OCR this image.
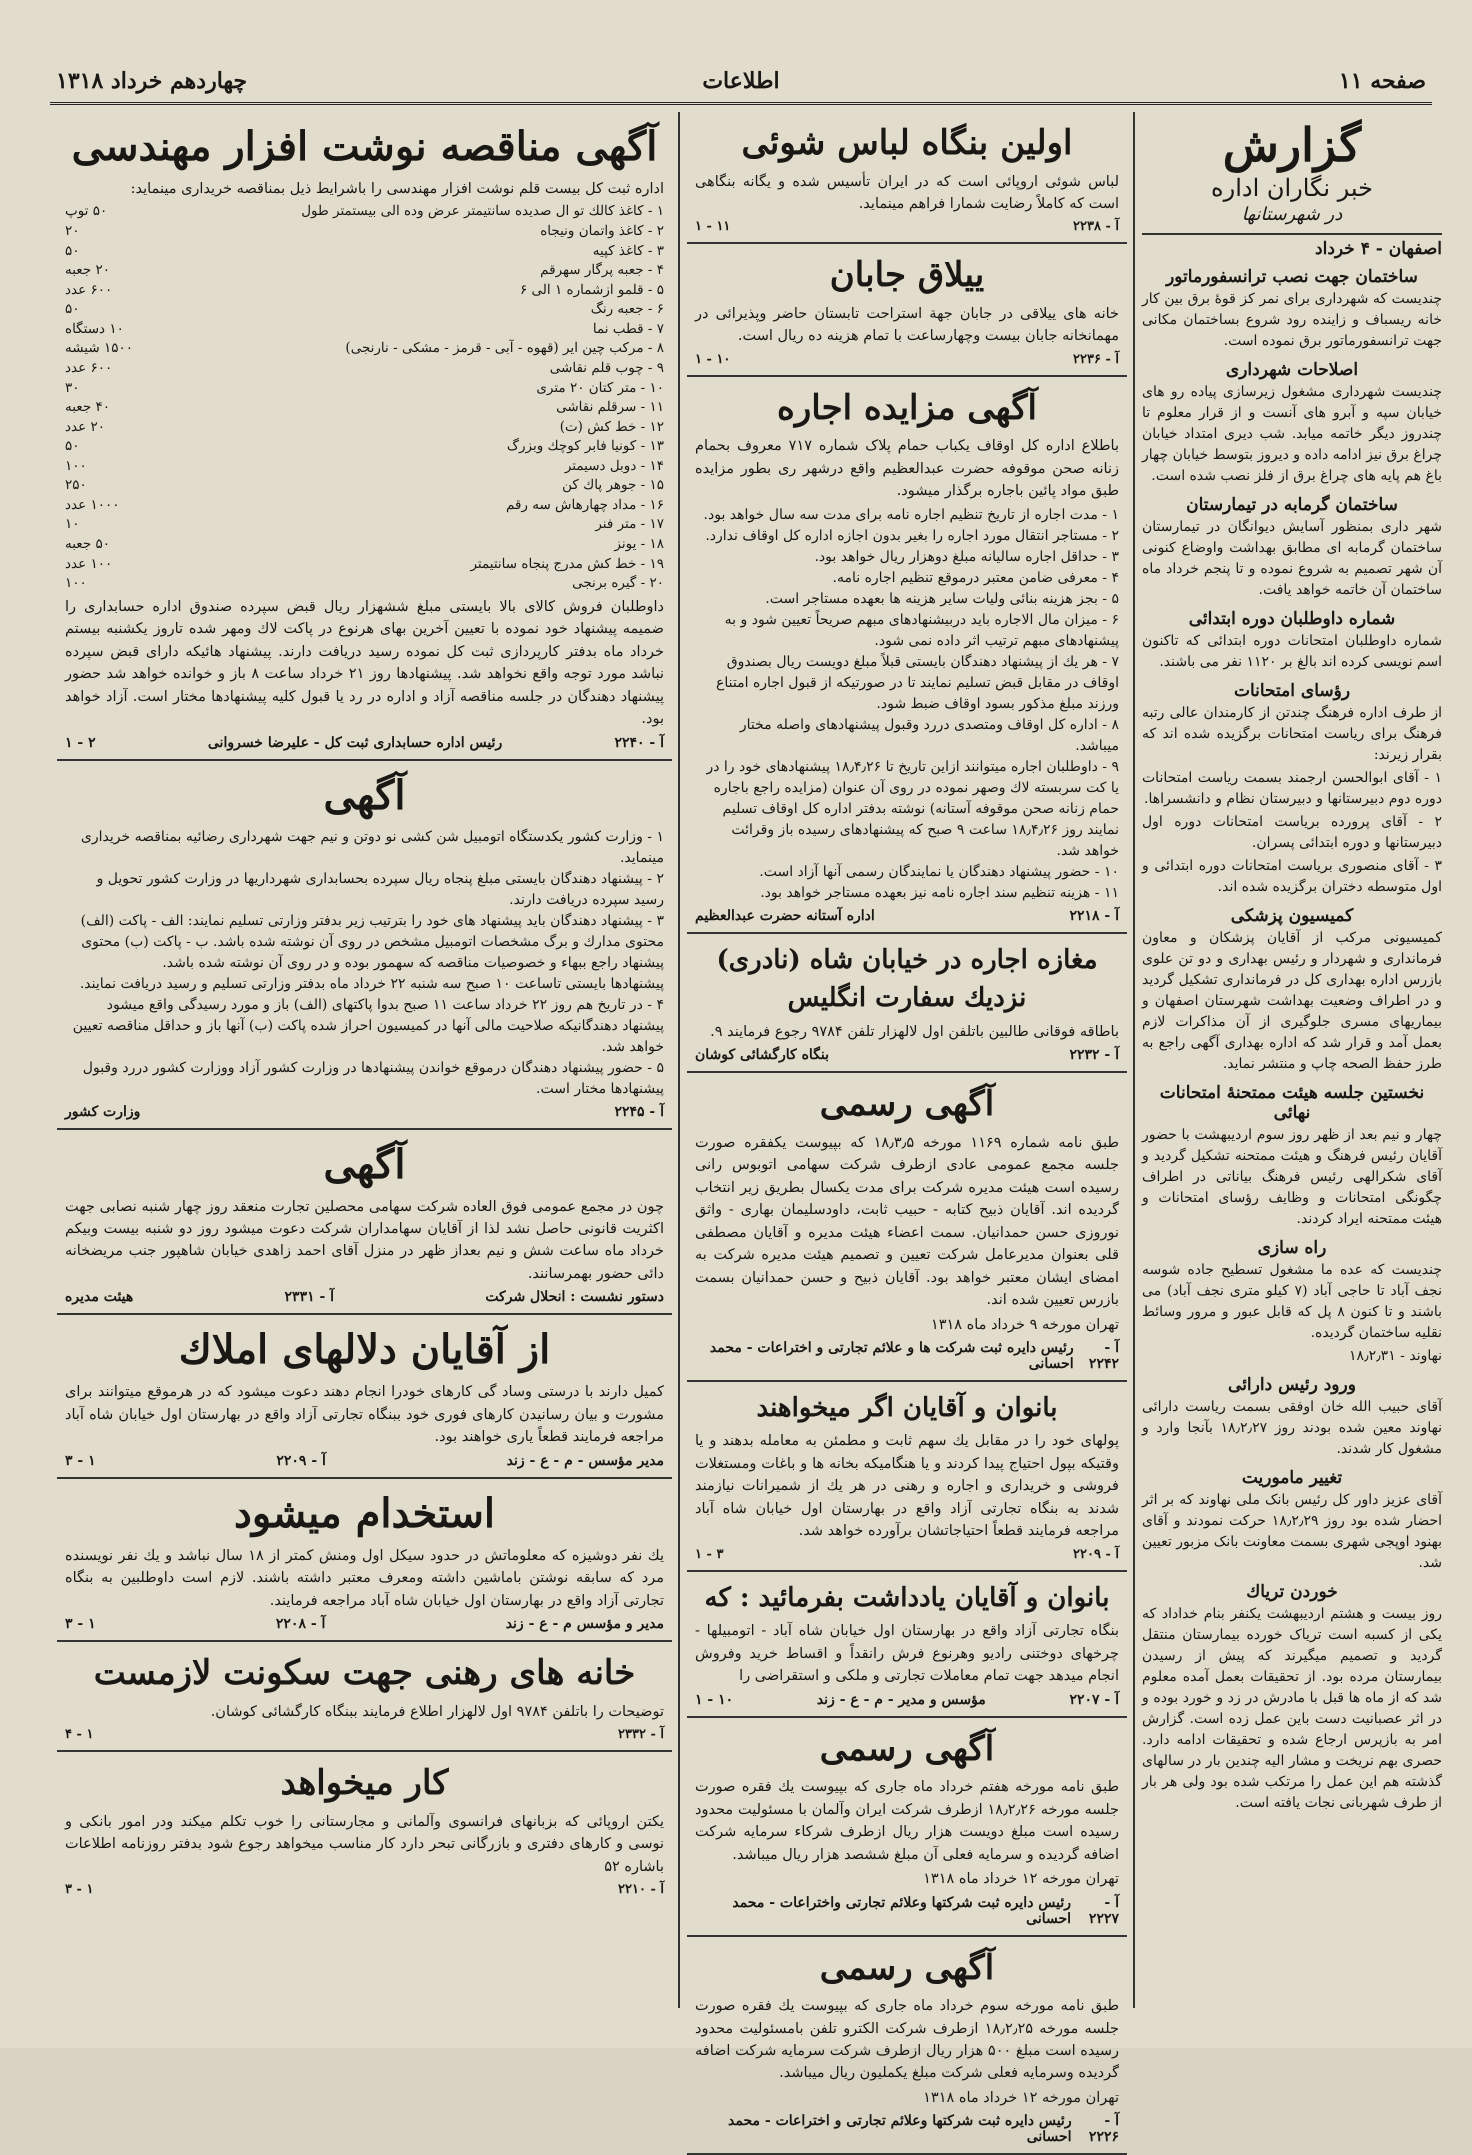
صفحه ۱۱
اطلاعات
چهاردهم خرداد ۱۳۱۸
گزارش
خبر نگاران اداره
در شهرستانها
اصفهان - ۴ خرداد
ساختمان جهت نصب ترانسفورماتور

چندیست که شهرداری برای نمر کز قوهٔ برق بین کار خانه ریسباف و زاینده رود شروع بساختمان مکانی جهت ترانسفورماتور برق نموده است.

اصلاحات شهرداری

چندیست شهرداری مشغول زیرسازی پیاده رو های خیابان سپه و آبرو های آنست و از قرار معلوم تا چندروز دیگر خاتمه میابد. شب دیری امتداد خیابان چراغ برق نیز ادامه داده و دیروز بتوسط خیابان چهار باغ هم پایه های چراغ برق از فلز نصب شده است.

ساختمان گرمابه در تیمارستان

شهر داری بمنظور آسایش دیوانگان در تیمارستان ساختمان گرمابه ای مطابق بهداشت واوضاع کنونی آن شهر تصمیم به شروع نموده و تا پنجم خرداد ماه ساختمان آن خاتمه خواهد یافت.

شماره داوطلبان دوره ابتدائی

شماره داوطلبان امتحانات دوره ابتدائی که تاکنون اسم نویسی کرده اند بالغ بر ۱۱۲۰ نفر می باشند.

رؤسای امتحانات

از طرف اداره فرهنگ چندتن از کارمندان عالی رتبه فرهنگ برای ریاست امتحانات برگزیده شده اند که بقرار زیرند:

۱ - آقای ابوالحسن ارجمند بسمت ریاست امتحانات دوره دوم دبیرستانها و دبیرستان نظام و دانشسراها.

۲ - آقای پرورده بریاست امتحانات دوره اول دبیرستانها و دوره ابتدائی پسران.

۳ - آقای منصوری بریاست امتحانات دوره ابتدائی و اول متوسطه دختران برگزیده شده اند.

کمیسیون پزشکی

کمیسیونی مرکب از آقایان پزشکان و معاون فرمانداری و شهردار و رئیس بهداری و دو تن علوی بازرس اداره بهداری کل در فرمانداری تشکیل گردید و در اطراف وضعیت بهداشت شهرستان اصفهان و بیماریهای مسری جلوگیری از آن مذاکرات لازم بعمل آمد و قرار شد که اداره بهداری آگهی راجع به طرز حفظ الصحه چاپ و منتشر نماید.

نخستین جلسه هیئت ممتحنهٔ امتحانات نهائی

چهار و نیم بعد از ظهر روز سوم اردیبهشت با حضور آقایان رئیس فرهنگ و هیئت ممتحنه تشکیل گردید و آقای شکرالهی رئیس فرهنگ بیاناتی در اطراف چگونگی امتحانات و وظایف رؤسای امتحانات و هیئت ممتحنه ایراد کردند.

راه سازی

چندیست که عده ما مشغول تسطیح جاده شوسه نجف آباد تا حاجی آباد (۷ کیلو متری نجف آباد) می باشند و تا کنون ۸ پل که قابل عبور و مرور وسائط نقلیه ساختمان گردیده.

نهاوند - ۱۸٫۲٫۳۱

ورود رئیس دارائی

آقای حبیب الله خان اوفقی بسمت ریاست دارائی نهاوند معین شده بودند روز ۱۸٫۲٫۲۷ بآنجا وارد و مشغول کار شدند.

تغییر ماموریت

آقای عزیز داور کل رئیس بانک ملی نهاوند که بر اثر احضار شده بود روز ۱۸٫۲٫۲۹ حرکت نمودند و آقای بهنود اوپجی شهری بسمت معاونت بانک مزبور تعیین شد.

خوردن تریاك

روز بیست و هشتم اردیبهشت یکنفر بنام خداداد که یکی از کسبه است تریاک خورده بیمارستان منتقل گردید و تصمیم میگیرند که پیش از رسیدن بیمارستان مرده بود. از تحقیقات بعمل آمده معلوم شد که از ماه ها قبل با مادرش در زد و خورد بوده و در اثر عصبانیت دست باین عمل زده است. گزارش امر به بازپرس ارجاع شده و تحقیقات ادامه دارد. حصری بهم نریخت و مشار الیه چندین بار در سالهای گذشته هم این عمل را مرتکب شده بود ولی هر بار از طرف شهربانی نجات یافته است.

اولین بنگاه لباس شوئی

لباس شوئی اروپائی است که در ایران تأسیس شده و یگانه بنگاهی است که کاملاً رضایت شمارا فراهم مینماید.

آ - ۲۲۳۸
۱۱ - ۱
ییلاق جابان

خانه های ییلاقی در جابان جهة استراحت تابستان حاضر وپذیرائی در مهمانخانه جابان بیست وچهارساعت با تمام هزینه ده ریال است.

آ - ۲۲۳۶
۱۰ - ۱
آگهی مزایده اجاره

باطلاع اداره کل اوقاف یکباب حمام پلاک شماره ۷۱۷ معروف بحمام زنانه صحن موقوفه حضرت عبدالعظیم واقع درشهر ری بطور مزایده طبق مواد پائین باجاره برگذار میشود.

۱ - مدت اجاره از تاریخ تنظیم اجاره نامه برای مدت سه سال خواهد بود.
۲ - مستاجر انتقال مورد اجاره را بغیر بدون اجازه اداره کل اوقاف ندارد.
۳ - حداقل اجاره سالیانه مبلغ دوهزار ریال خواهد بود.
۴ - معرفی ضامن معتبر درموقع تنظیم اجاره نامه.
۵ - بجز هزینه بنائی ولیات سایر هزینه ها بعهده مستاجر است.
۶ - میزان مال الاجاره باید دربیشنهادهای مبهم صریحاً تعیین شود و به پیشنهادهای مبهم ترتیب اثر داده نمی شود.
۷ - هر یك از پیشنهاد دهندگان بایستی قبلاً مبلغ دویست ریال بصندوق اوقاف در مقابل قبض تسلیم نمایند تا در صورتیکه از قبول اجاره امتناع ورزند مبلغ مذکور بسود اوقاف ضبط شود.
۸ - اداره کل اوقاف ومتصدی دررد وقبول پیشنهادهای واصله مختار میباشد.
۹ - داوطلبان اجاره میتوانند ازاین تاریخ تا ۱۸٫۴٫۲۶ پیشنهادهای خود را در یا کت سربسته لاك وصهر نموده در روی آن عنوان (مزایده راجع باجاره حمام زنانه صحن موقوفه آستانه) نوشته بدفتر اداره کل اوقاف تسلیم نمایند روز ۱۸٫۴٫۲۶ ساعت ۹ صبح که پیشنهادهای رسیده باز وقرائت خواهد شد.
۱۰ - حضور پیشنهاد دهندگان یا نمایندگان رسمی آنها آزاد است.
۱۱ - هزینه تنظیم سند اجاره نامه نیز بعهده مستاجر خواهد بود.
آ - ۲۲۱۸
اداره آستانه حضرت عبدالعظیم
مغازه اجاره در خیابان شاه (نادری)
نزدیك سفارت انگلیس

باطاقه فوقانی طالبین باتلفن اول لالهزار تلفن ۹۷۸۴ رجوع فرمایند ۹.

آ - ۲۲۳۲
بنگاه کارگشائی کوشان
آگهی رسمی

طبق نامه شماره ۱۱۶۹ مورخه ۱۸٫۳٫۵ که بپیوست یکفقره صورت جلسه مجمع عمومی عادی ازطرف شرکت سهامی اتوبوس رانی رسیده است هیئت مدیره شرکت برای مدت یکسال بطریق زیر انتخاب گردیده اند. آقایان ذبیح کتابه - حبیب ثابت، داودسلیمان بهاری - واثق نوروزی حسن حمدانیان. سمت اعضاء هیئت مدیره و آقایان مصطفی قلی بعنوان مدیرعامل شرکت تعیین و تصمیم هیئت مدیره شرکت به امضای ایشان معتبر خواهد بود. آقایان ذبیح و حسن حمدانیان بسمت بازرس تعیین شده اند.

تهران مورخه ۹ خرداد ماه ۱۳۱۸

آ - ۲۲۴۲
رئیس دایره ثبت شرکت ها و علائم تجارتی و اختراعات - محمد احسانی
بانوان و آقایان اگر میخواهند

پولهای خود را در مقابل یك سهم ثابت و مطمئن به معامله بدهند و یا وقتیکه بپول احتیاج پیدا کردند و یا هنگامیکه بخانه ها و باغات ومستغلات فروشی و خریداری و اجاره و رهنی در هر یك از شمیرانات نیازمند شدند به بنگاه تجارتی آزاد واقع در بهارستان اول خیابان شاه آباد مراجعه فرمایند قطعاً احتیاجاتشان برآورده خواهد شد.

آ - ۲۲۰۹
۳ - ۱
بانوان و آقایان یادداشت بفرمائید : که

بنگاه تجارتی آزاد واقع در بهارستان اول خیابان شاه آباد - اتومبیلها - چرخهای دوختنی رادیو وهرنوع فرش رانقداً و اقساط خرید وفروش انجام میدهد جهت تمام معاملات تجارتی و ملکی و استقراضی را

آ - ۲۲۰۷
مؤسس و مدیر - م - ع - زند
۱۰ - ۱
آگهی رسمی

طبق نامه مورخه هفتم خرداد ماه جاری که بپیوست یك فقره صورت جلسه مورخه ۱۸٫۲٫۲۶ ازطرف شرکت ایران وآلمان با مسئولیت محدود رسیده است مبلغ دویست هزار ریال ازطرف شرکاء سرمایه شرکت اضافه گردیده و سرمایه فعلی آن مبلغ ششصد هزار ریال میباشد.

تهران مورخه ۱۲ خرداد ماه ۱۳۱۸

آ - ۲۲۲۷
رئیس دایره ثبت شرکتها وعلائم تجارتی واختراعات - محمد احسانی
آگهی رسمی

طبق نامه مورخه سوم خرداد ماه جاری که بپیوست یك فقره صورت جلسه مورخه ۱۸٫۲٫۲۵ ازطرف شرکت الکترو تلفن بامسئولیت محدود رسیده است مبلغ ۵۰۰ هزار ریال ازطرف شرکت سرمایه شرکت اضافه گردیده وسرمایه فعلی شرکت مبلغ یکملیون ریال میباشد.

تهران مورخه ۱۲ خرداد ماه ۱۳۱۸

آ - ۲۲۲۶
رئیس دایره ثبت شرکتها وعلائم تجارتی و اختراعات - محمد احسانی
آگهی مناقصه نوشت افزار مهندسی

اداره ثبت کل بیست قلم نوشت افزار مهندسی را باشرایط ذیل بمناقصه خریداری مینماید:

۱ - کاغذ کالك تو ال صدیده سانتیمتر عرض وده الی بیستمتر طول
۵۰ توپ
۲ - کاغذ واتمان ونیجاه
۲۰
۳ - کاغذ کپیه
۵۰
۴ - جعبه پرگار سهرقم
۲۰ جعبه
۵ - قلمو ازشماره ۱ الی ۶
۶۰۰ عدد
۶ - جعبه رنگ
۵۰
۷ - قطب نما
۱۰ دستگاه
۸ - مرکب چین ایر (قهوه - آبی - قرمز - مشکی - نارنجی)
۱۵۰۰ شیشه
۹ - چوب قلم نقاشی
۶۰۰ عدد
۱۰ - متر کتان ۲۰ متری
۳۰
۱۱ - سرقلم نقاشی
۴۰ جعبه
۱۲ - خط کش (ت)
۲۰ عدد
۱۳ - کونیا فابر کوچك وبزرگ
۵۰
۱۴ - دوبل دسیمتر
۱۰۰
۱۵ - جوهر پاك کن
۲۵۰
۱۶ - مداد چهارهاش سه رقم
۱۰۰۰ عدد
۱۷ - متر فنر
۱۰
۱۸ - یونز
۵۰ جعبه
۱۹ - خط کش مدرج پنجاه سانتیمتر
۱۰۰ عدد
۲۰ - گیره برنجی
۱۰۰

داوطلبان فروش کالای بالا بایستی مبلغ ششهزار ریال قبض سپرده صندوق اداره حسابداری را ضمیمه پیشنهاد خود نموده با تعیین آخرین بهای هرنوع در پاکت لاك ومهر شده تاروز یکشنبه بیستم خرداد ماه بدفتر کارپردازی ثبت کل نموده رسید دریافت دارند. پیشنهاد هائیکه دارای قبض سپرده نباشد مورد توجه واقع نخواهد شد. پیشنهادها روز ۲۱ خرداد ساعت ۸ باز و خوانده خواهد شد حضور پیشنهاد دهندگان در جلسه مناقصه آزاد و اداره در رد یا قبول کلیه پیشنهادها مختار است. آزاد خواهد بود.

آ - ۲۲۴۰
رئیس اداره حسابداری ثبت کل - علیرضا خسروانی
۲ - ۱
آگهی
۱ - وزارت کشور یکدستگاه اتومبیل شن کشی نو دوتن و نیم جهت شهرداری رضائیه بمناقصه خریداری مینماید.
۲ - پیشنهاد دهندگان بایستی مبلغ پنجاه ریال سپرده بحسابداری شهرداریها در وزارت کشور تحویل و رسید سپرده دریافت دارند.
۳ - پیشنهاد دهندگان باید پیشنهاد های خود را بترتیب زیر بدفتر وزارتی تسلیم نمایند: الف - پاکت (الف) محتوی مدارك و برگ مشخصات اتومبیل مشخص در روی آن نوشته شده باشد. ب - پاکت (ب) محتوی پیشنهاد راجع ببهاء و خصوصیات مناقصه که سهمور بوده و در روی آن نوشته شده باشد.
پیشنهادها بایستی تاساعت ۱۰ صبح سه شنبه ۲۲ خرداد ماه بدفتر وزارتی تسلیم و رسید دریافت نمایند.
۴ - در تاریخ هم روز ۲۲ خرداد ساعت ۱۱ صبح بدوا پاکتهای (الف) باز و مورد رسیدگی واقع میشود پیشنهاد دهندگانیکه صلاحیت مالی آنها در کمیسیون احراز شده پاکت (ب) آنها باز و حداقل مناقصه تعیین خواهد شد.
۵ - حضور پیشنهاد دهندگان درموقع خواندن پیشنهادها در وزارت کشور آزاد ووزارت کشور دررد وقبول پیشنهادها مختار است.
آ - ۲۲۴۵
وزارت کشور
آگهی

چون در مجمع عمومی فوق العاده شرکت سهامی محصلین تجارت منعقد روز چهار شنبه نصابی جهت اکثریت قانونی حاصل نشد لذا از آقایان سهامداران شرکت دعوت میشود روز دو شنبه بیست وبیکم خرداد ماه ساعت شش و نیم بعداز ظهر در منزل آقای احمد زاهدی خیابان شاهپور جنب مریضخانه دائی حضور بهمرسانند.

دستور نشست : انحلال شرکت
آ - ۲۳۳۱
هیئت مدیره
از آقایان دلالهای املاك

کمیل دارند با درستی وساد گی کارهای خودرا انجام دهند دعوت میشود که در هرموقع میتوانند برای مشورت و بیان رسانیدن کارهای فوری خود ببنگاه تجارتی آزاد واقع در بهارستان اول خیابان شاه آباد مراجعه فرمایند قطعاً یاری خواهند بود.

مدیر مؤسس - م - ع - زند
آ - ۲۲۰۹
۱ - ۳
استخدام میشود

یك نفر دوشیزه که معلوماتش در حدود سیکل اول ومنش کمتر از ۱۸ سال نباشد و یك نفر نویسنده مرد که سابقه نوشتن باماشین داشته ومعرف معتبر داشته باشند. لازم است داوطلبین به بنگاه تجارتی آزاد واقع در بهارستان اول خیابان شاه آباد مراجعه فرمایند.

مدیر و مؤسس م - ع - زند
آ - ۲۲۰۸
۱ - ۳
خانه های رهنی جهت سکونت لازمست

توضیحات را باتلفن ۹۷۸۴ اول لالهزار اطلاع فرمایند ببنگاه کارگشائی کوشان.

آ - ۲۳۳۲
۱ - ۴
کار میخواهد

یکتن اروپائی که بزبانهای فرانسوی وآلمانی و مجارستانی را خوب تکلم میکند ودر امور بانکی و نوسی و کارهای دفتری و بازرگانی تبحر دارد کار مناسب میخواهد رجوع شود بدفتر روزنامه اطلاعات باشاره ۵۲

آ - ۲۲۱۰
۱ - ۳
